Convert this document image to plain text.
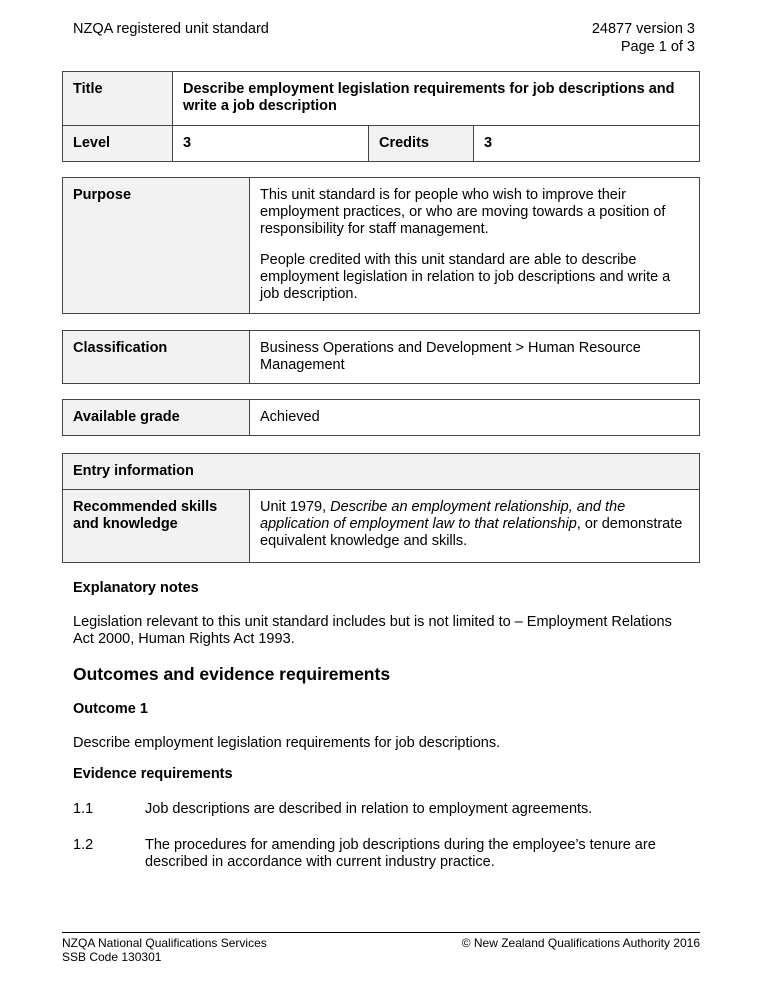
NZQA registered unit standard	24877 version 3
Page 1 of 3
Title	Describe employment legislation requirements for job descriptions and write a job description		
Level	3	Credits	3
Purpose	This unit standard is for people who wish to improve their employment practices, or who are moving towards a position of responsibility for staff management.
People credited with this unit standard are able to describe employment legislation in relation to job descriptions and write a job description.
Classification	Business Operations and Development > Human Resource Management
Available grade	Achieved
Entry information
Recommended skills and knowledge	Unit 1979, Describe an employment relationship, and the application of employment law to that relationship, or demonstrate equivalent knowledge and skills.
Explanatory notes
Legislation relevant to this unit standard includes but is not limited to – Employment Relations Act 2000, Human Rights Act 1993.
Outcomes and evidence requirements
Outcome 1
Describe employment legislation requirements for job descriptions.
Evidence requirements
1.1	Job descriptions are described in relation to employment agreements.
1.2	The procedures for amending job descriptions during the employee’s tenure are described in accordance with current industry practice.
NZQA National Qualifications Services
SSB Code 130301
© New Zealand Qualifications Authority 2016
